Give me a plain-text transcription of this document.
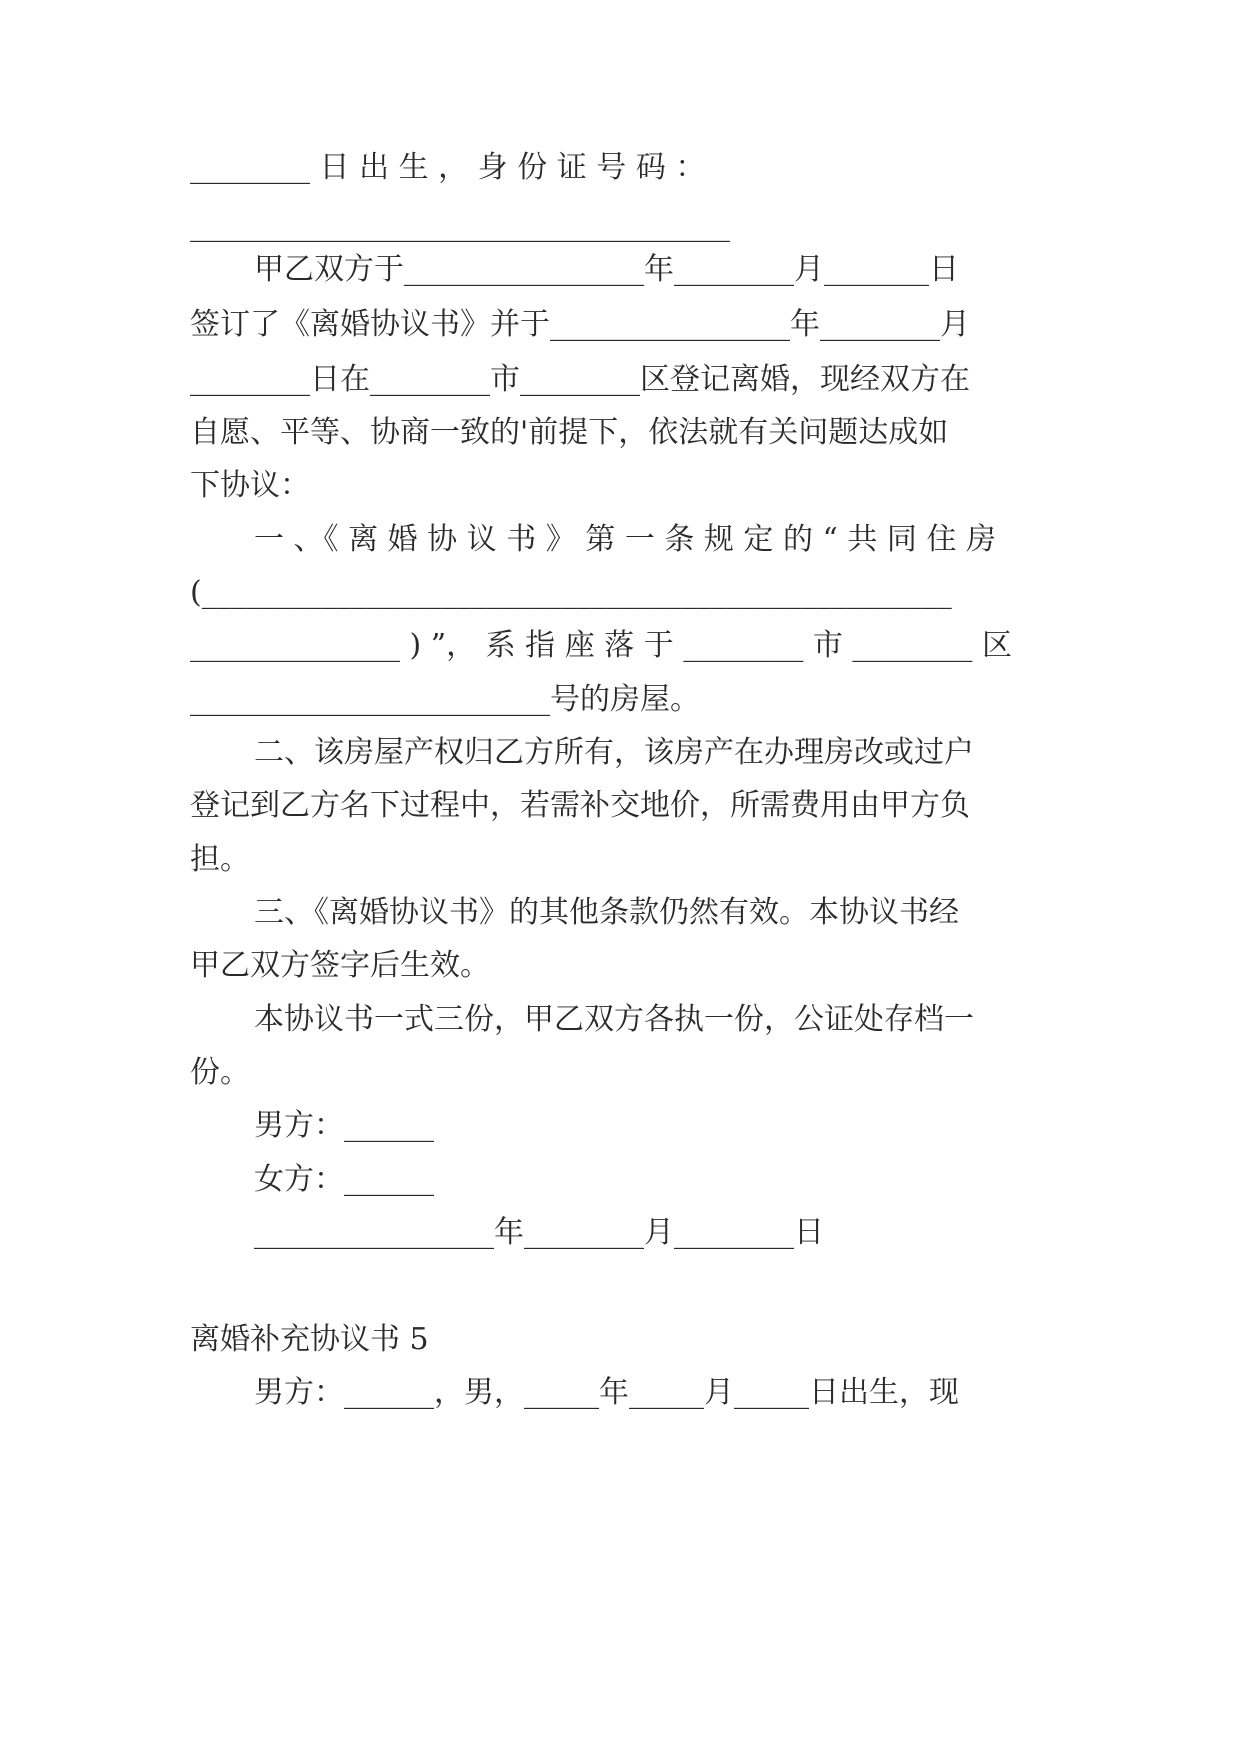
________ 日 出 生 ， 身 份 证 号 码 ：
____________________________________
甲乙双方于________________年________月_______日
签订了《离婚协议书》并于________________年________月
________日在________市________区登记离婚，现经双方在
自愿、平等、协商一致的'前提下，依法就有关问题达成如
下协议：
一 、《 离 婚 协 议 书 》 第 一 条 规 定 的 “ 共 同 住 房
(__________________________________________________
______________ ) ”， 系 指 座 落 于 ________ 市 ________ 区
________________________号的房屋。
二、该房屋产权归乙方所有，该房产在办理房改或过户
登记到乙方名下过程中，若需补交地价，所需费用由甲方负
担。
三、《离婚协议书》的其他条款仍然有效。本协议书经
甲乙双方签字后生效。
本协议书一式三份，甲乙双方各执一份，公证处存档一
份。
男方：______
女方：______
________________年________月________日
离婚补充协议书 5
男方：______，男，_____年_____月_____日出生，现
